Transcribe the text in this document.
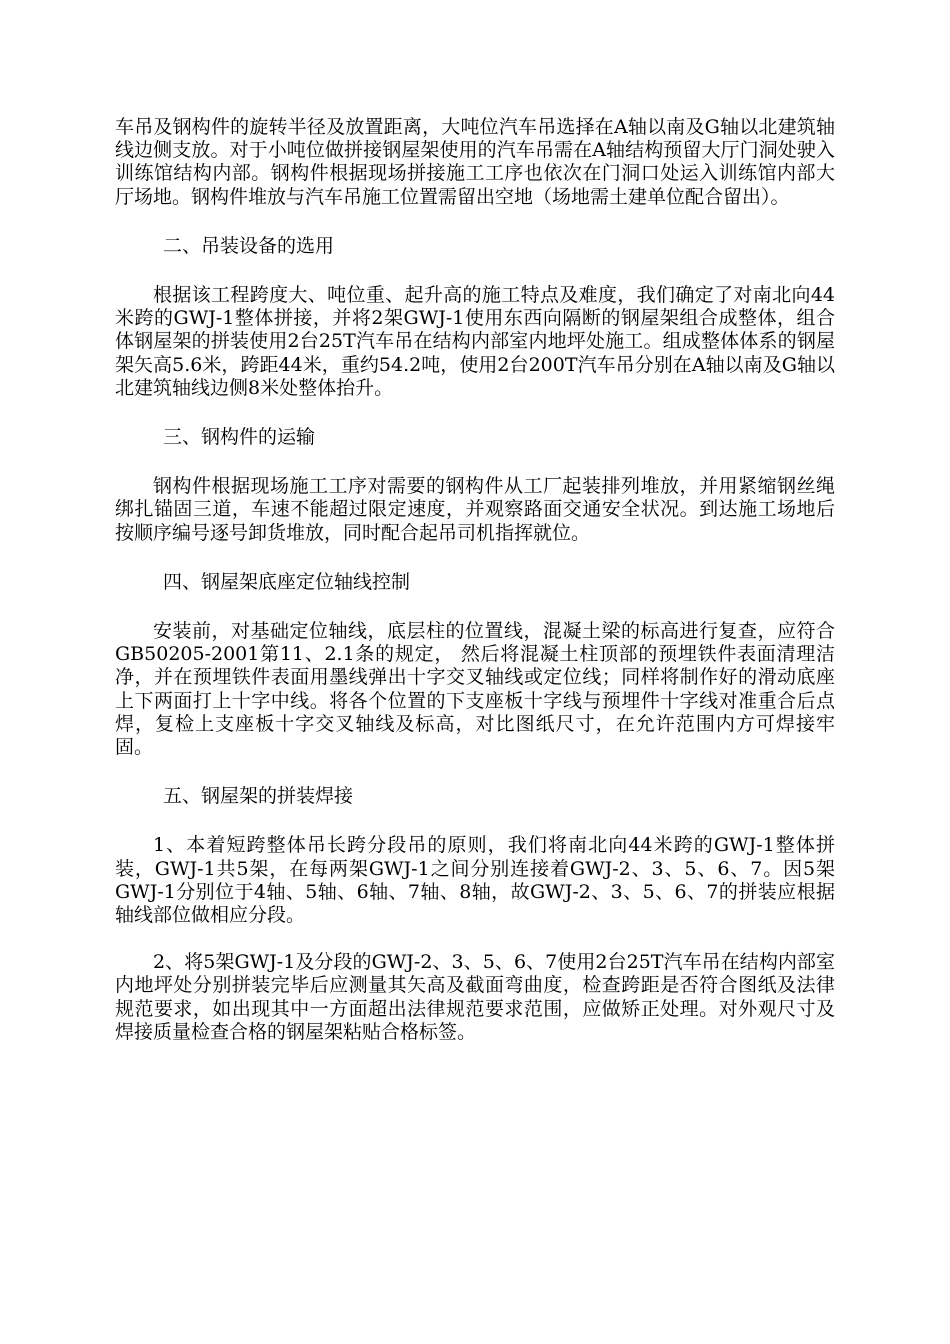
车吊及钢构件的旋转半径及放置距离，大吨位汽车吊选择在A轴以南及G轴以北建筑轴线边侧支放。对于小吨位做拼接钢屋架使用的汽车吊需在A轴结构预留大厅门洞处驶入训练馆结构内部。钢构件根据现场拼接施工工序也依次在门洞口处运入训练馆内部大厅场地。钢构件堆放与汽车吊施工位置需留出空地（场地需土建单位配合留出）。

二、吊装设备的选用

根据该工程跨度大、吨位重、起升高的施工特点及难度，我们确定了对南北向44米跨的GWJ-1整体拼接，并将2架GWJ-1使用东西向隔断的钢屋架组合成整体，组合体钢屋架的拼装使用2台25T汽车吊在结构内部室内地坪处施工。组成整体体系的钢屋架矢高5.6米，跨距44米，重约54.2吨，使用2台200T汽车吊分别在A轴以南及G轴以北建筑轴线边侧8米处整体抬升。

三、钢构件的运输

钢构件根据现场施工工序对需要的钢构件从工厂起装排列堆放，并用紧缩钢丝绳绑扎锚固三道，车速不能超过限定速度，并观察路面交通安全状况。到达施工场地后按顺序编号逐号卸货堆放，同时配合起吊司机指挥就位。

四、钢屋架底座定位轴线控制

安装前，对基础定位轴线，底层柱的位置线，混凝土梁的标高进行复查，应符合GB50205-2001第11、2.1条的规定， 然后将混凝土柱顶部的预埋铁件表面清理洁净，并在预埋铁件表面用墨线弹出十字交叉轴线或定位线；同样将制作好的滑动底座上下两面打上十字中线。将各个位置的下支座板十字线与预埋件十字线对准重合后点焊，复检上支座板十字交叉轴线及标高，对比图纸尺寸，在允许范围内方可焊接牢固。

五、钢屋架的拼装焊接

1、本着短跨整体吊长跨分段吊的原则，我们将南北向44米跨的GWJ-1整体拼装，GWJ-1共5架，在每两架GWJ-1之间分别连接着GWJ-2、3、5、6、7。因5架GWJ-1分别位于4轴、5轴、6轴、7轴、8轴，故GWJ-2、3、5、6、7的拼装应根据轴线部位做相应分段。

2、将5架GWJ-1及分段的GWJ-2、3、5、6、7使用2台25T汽车吊在结构内部室内地坪处分别拼装完毕后应测量其矢高及截面弯曲度，检查跨距是否符合图纸及法律规范要求，如出现其中一方面超出法律规范要求范围，应做矫正处理。对外观尺寸及焊接质量检查合格的钢屋架粘贴合格标签。
